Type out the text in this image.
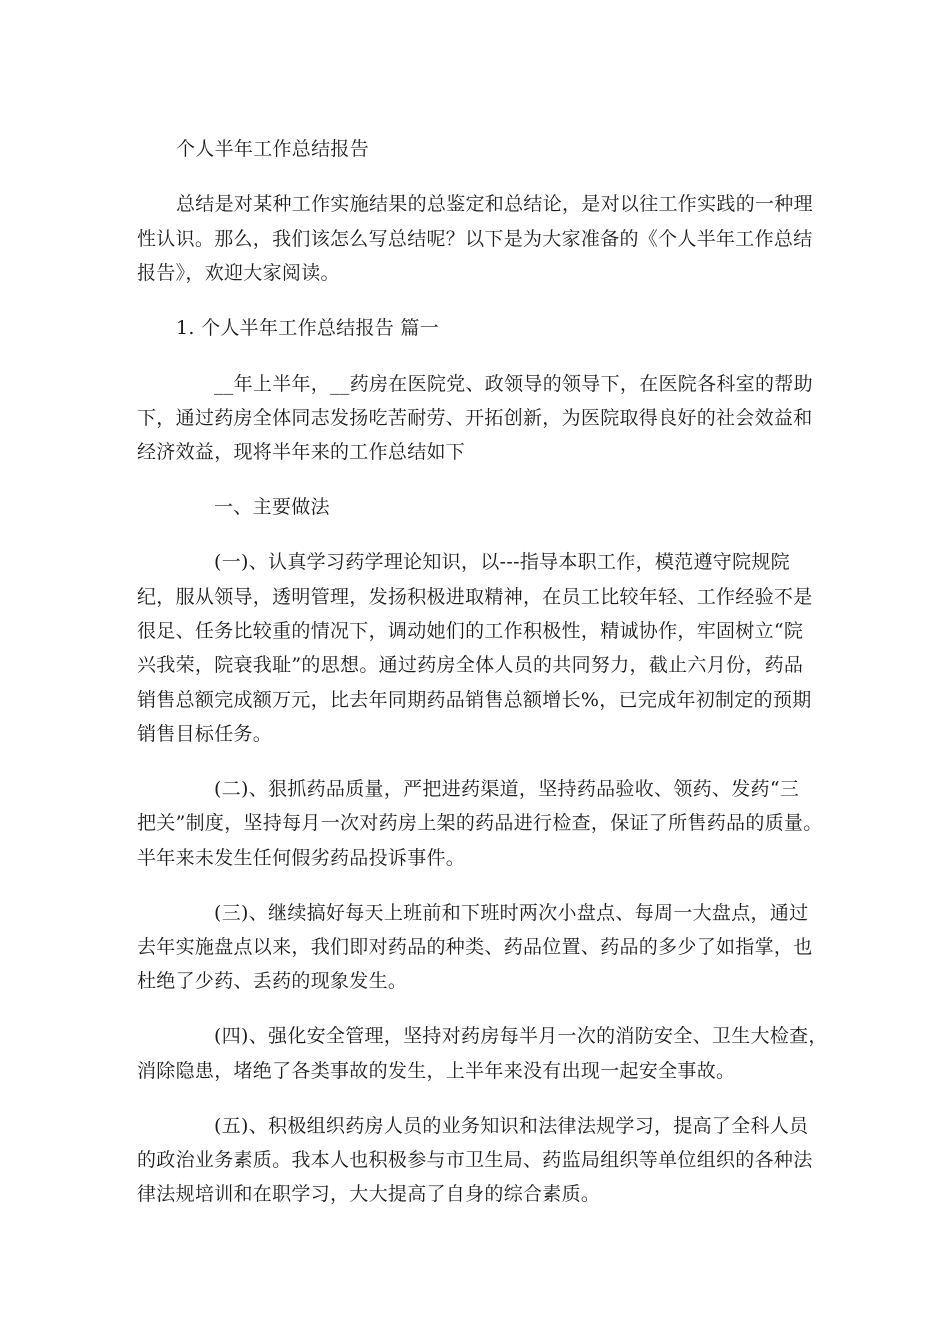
个人半年工作总结报告
总结是对某种工作实施结果的总鉴定和总结论，是对以往工作实践的一种理
性认识。那么，我们该怎么写总结呢？以下是为大家准备的《个人半年工作总结
报告》，欢迎大家阅读。
1. 个人半年工作总结报告 篇一
__年上半年，__药房在医院党、政领导的领导下，在医院各科室的帮助
下，通过药房全体同志发扬吃苦耐劳、开拓创新，为医院取得良好的社会效益和
经济效益，现将半年来的工作总结如下
一、主要做法
(一)、认真学习药学理论知识，以---指导本职工作，模范遵守院规院
纪，服从领导，透明管理，发扬积极进取精神，在员工比较年轻、工作经验不是
很足、任务比较重的情况下，调动她们的工作积极性，精诚协作，牢固树立“院
兴我荣，院衰我耻”的思想。通过药房全体人员的共同努力，截止六月份，药品
销售总额完成额万元，比去年同期药品销售总额增长%，已完成年初制定的预期
销售目标任务。
(二)、狠抓药品质量，严把进药渠道，坚持药品验收、领药、发药“三
把关”制度，坚持每月一次对药房上架的药品进行检查，保证了所售药品的质量。
半年来未发生任何假劣药品投诉事件。
(三)、继续搞好每天上班前和下班时两次小盘点、每周一大盘点，通过
去年实施盘点以来，我们即对药品的种类、药品位置、药品的多少了如指掌，也
杜绝了少药、丢药的现象发生。
(四)、强化安全管理，坚持对药房每半月一次的消防安全、卫生大检查，
消除隐患，堵绝了各类事故的发生，上半年来没有出现一起安全事故。
(五)、积极组织药房人员的业务知识和法律法规学习，提高了全科人员
的政治业务素质。我本人也积极参与市卫生局、药监局组织等单位组织的各种法
律法规培训和在职学习，大大提高了自身的综合素质。
